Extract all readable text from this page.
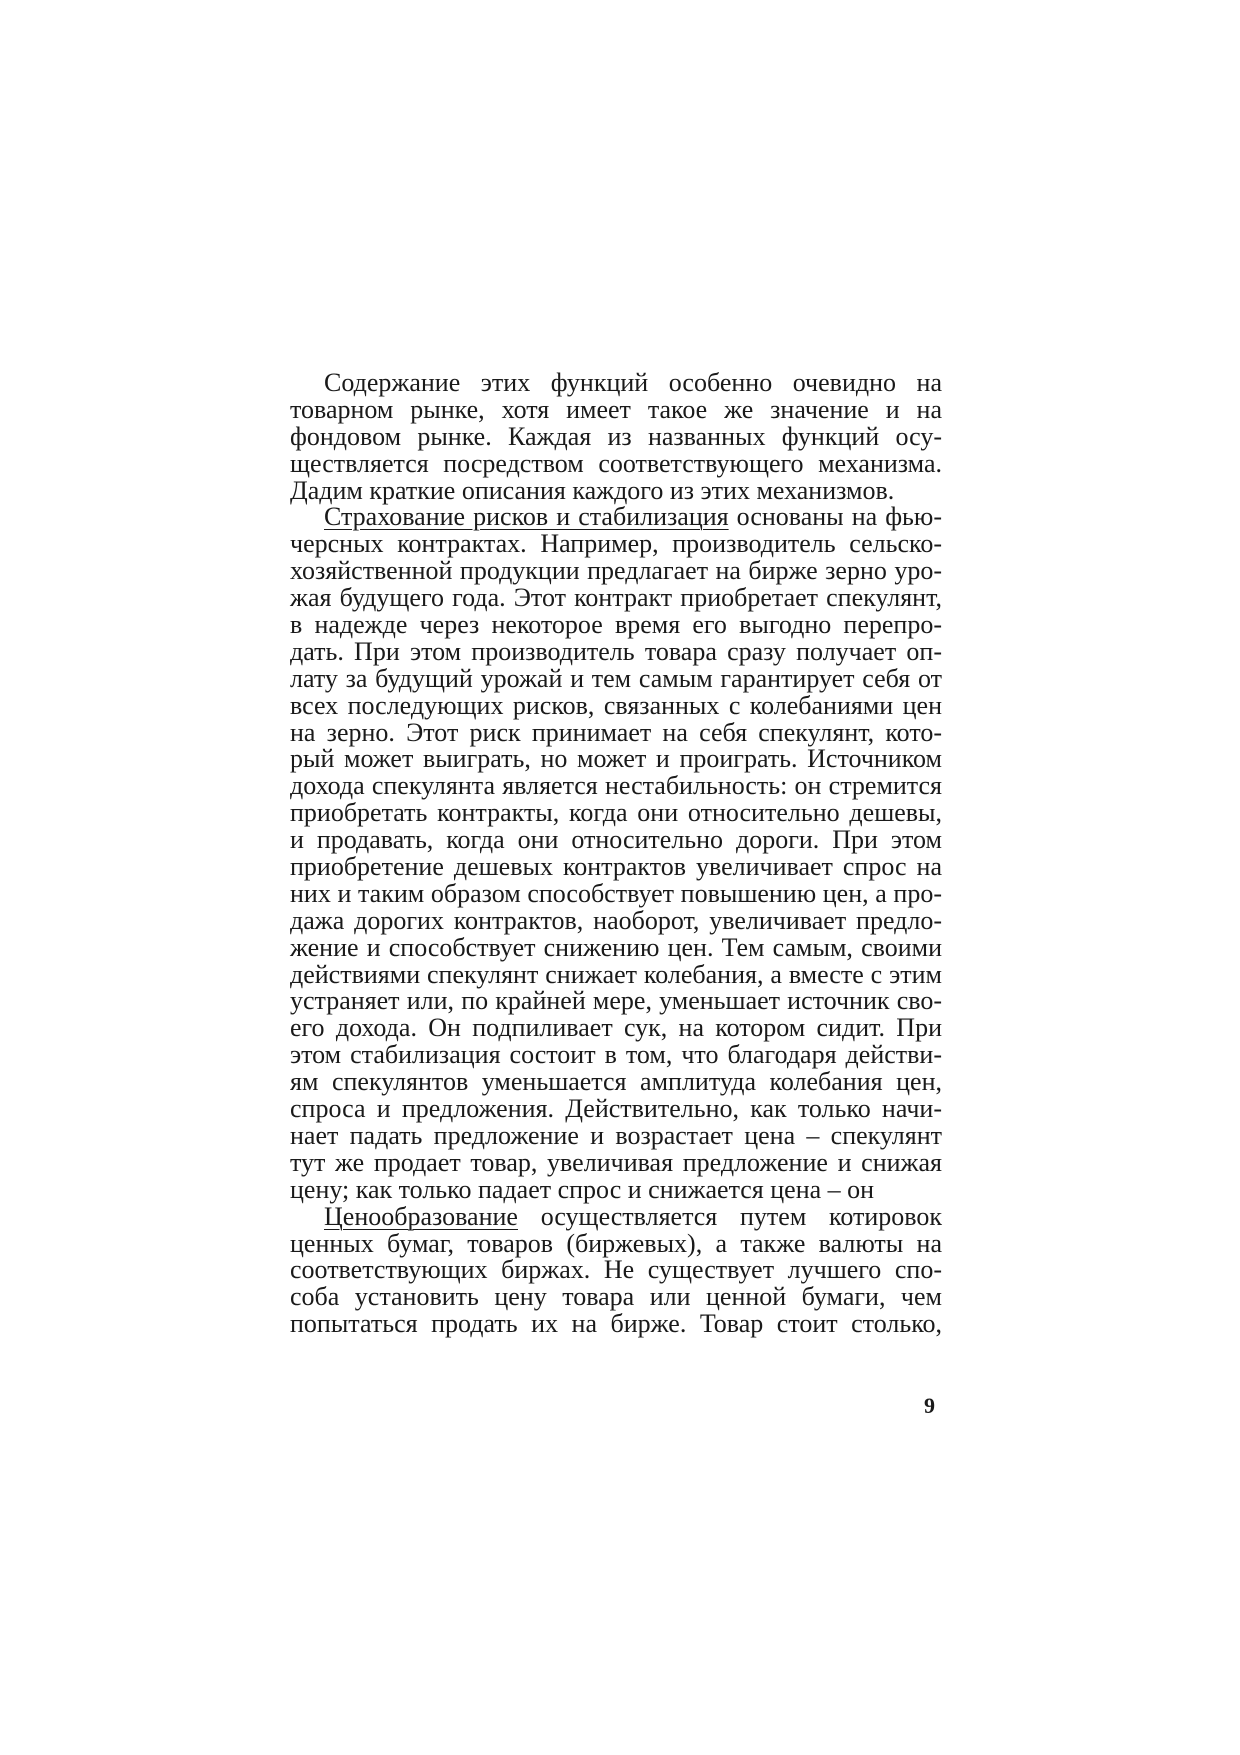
Содержание этих функций особенно очевидно на
товарном рынке, хотя имеет такое же значение и на
фондовом рынке. Каждая из названных функций осу-
ществляется посредством соответствующего механизма.
Дадим краткие описания каждого из этих механизмов.
Страхование рисков и стабилизация основаны на фью-
черсных контрактах. Например, производитель сельско-
хозяйственной продукции предлагает на бирже зерно уро-
жая будущего года. Этот контракт приобретает спекулянт,
в надежде через некоторое время его выгодно перепро-
дать. При этом производитель товара сразу получает оп-
лату за будущий урожай и тем самым гарантирует себя от
всех последующих рисков, связанных с колебаниями цен
на зерно. Этот риск принимает на себя спекулянт, кото-
рый может выиграть, но может и проиграть. Источником
дохода спекулянта является нестабильность: он стремится
приобретать контракты, когда они относительно дешевы,
и продавать, когда они относительно дороги. При этом
приобретение дешевых контрактов увеличивает спрос на
них и таким образом способствует повышению цен, а про-
дажа дорогих контрактов, наоборот, увеличивает предло-
жение и способствует снижению цен. Тем самым, своими
действиями спекулянт снижает колебания, а вместе с этим
устраняет или, по крайней мере, уменьшает источник сво-
его дохода. Он подпиливает сук, на котором сидит. При
этом стабилизация состоит в том, что благодаря действи-
ям спекулянтов уменьшается амплитуда колебания цен,
спроса и предложения. Действительно, как только начи-
нает падать предложение и возрастает цена – спекулянт
тут же продает товар, увеличивая предложение и снижая
цену; как только падает спрос и снижается цена – он
Ценообразование осуществляется путем котировок
ценных бумаг, товаров (биржевых), а также валюты на
соответствующих биржах. Не существует лучшего спо-
соба установить цену товара или ценной бумаги, чем
попытаться продать их на бирже. Товар стоит столько,
9
